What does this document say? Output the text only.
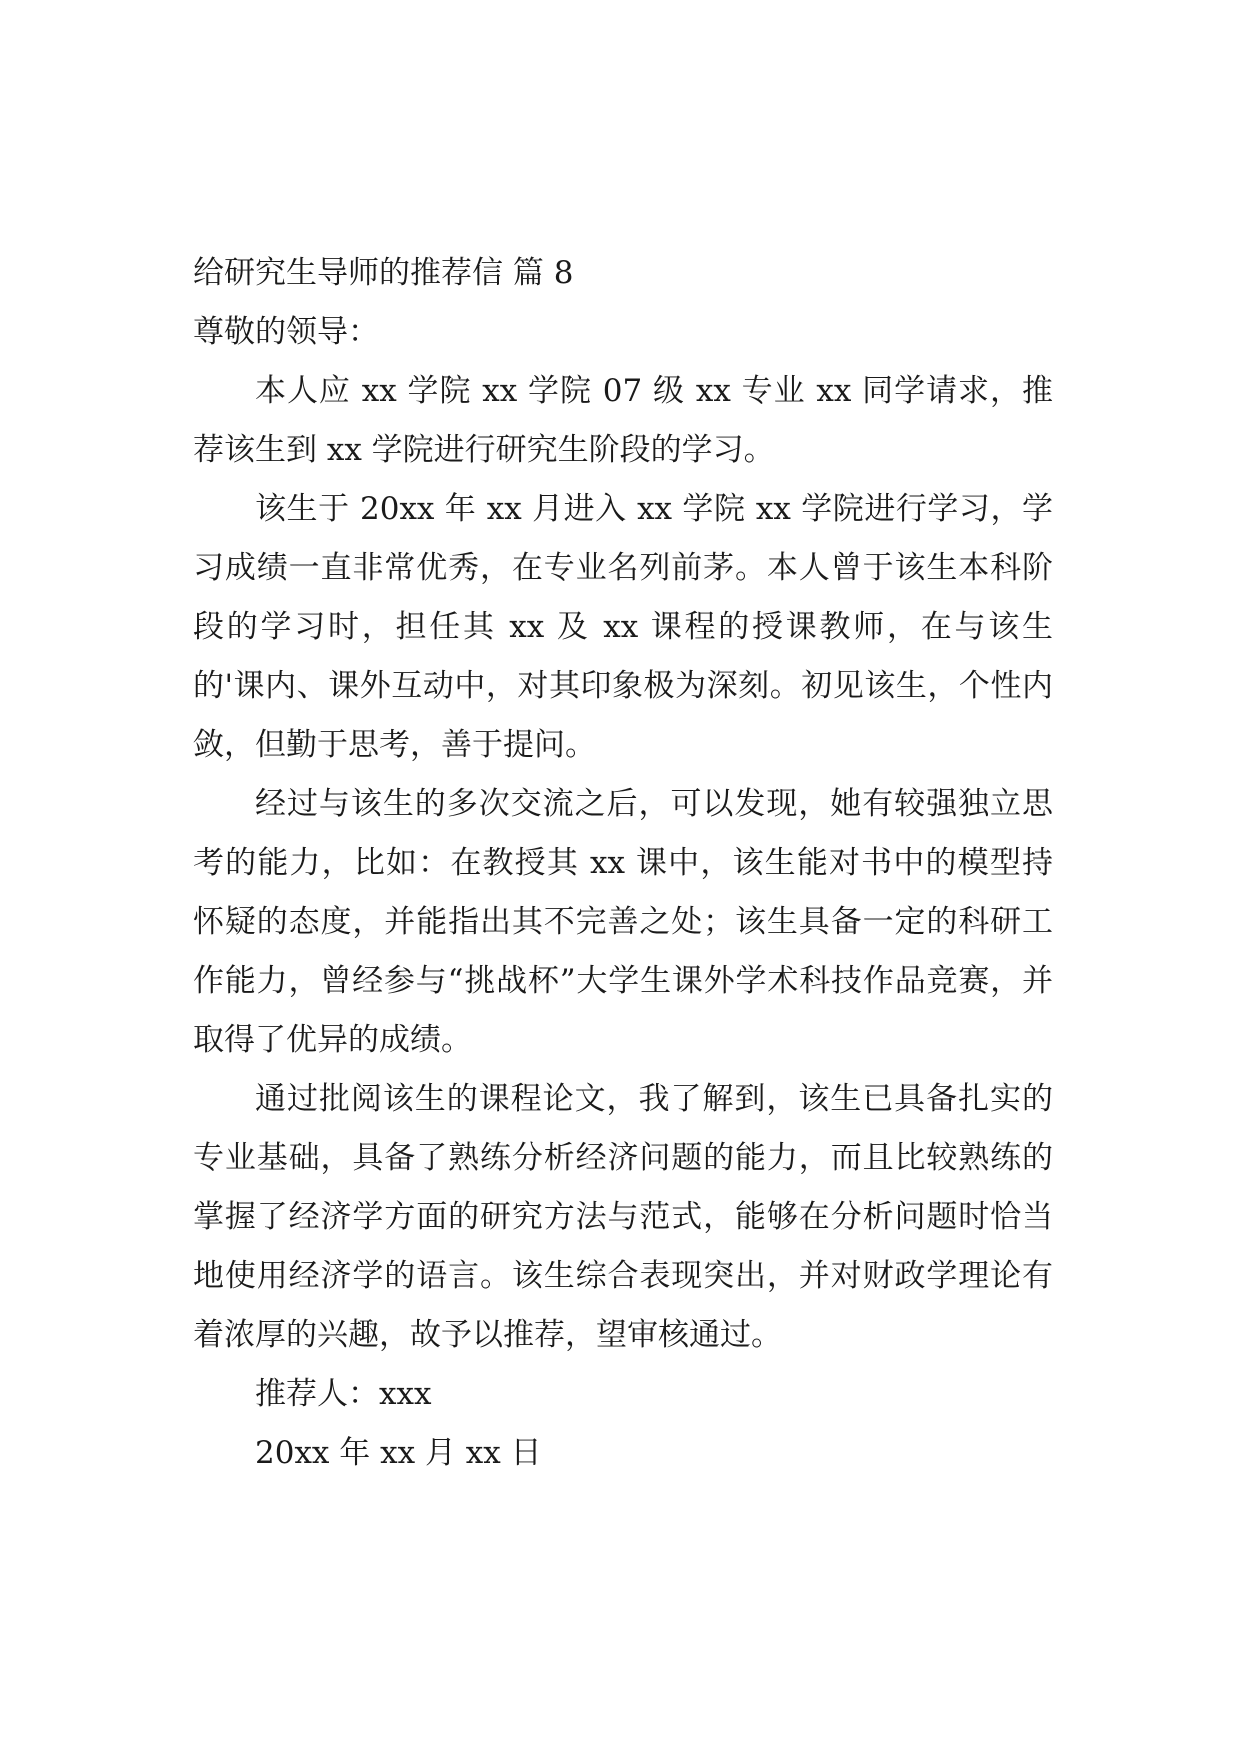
给研究生导师的推荐信 篇 8
尊敬的领导：

本人应 xx 学院 xx 学院 07 级 xx 专业 xx 同学请求，推荐该生到 xx 学院进行研究生阶段的学习。

该生于 20xx 年 xx 月进入 xx 学院 xx 学院进行学习，学习成绩一直非常优秀，在专业名列前茅。本人曾于该生本科阶段的学习时，担任其 xx 及 xx 课程的授课教师，在与该生的'课内、课外互动中，对其印象极为深刻。初见该生，个性内敛，但勤于思考，善于提问。

经过与该生的多次交流之后，可以发现，她有较强独立思考的能力，比如：在教授其 xx 课中，该生能对书中的模型持怀疑的态度，并能指出其不完善之处；该生具备一定的科研工作能力，曾经参与“挑战杯”大学生课外学术科技作品竞赛，并取得了优异的成绩。

通过批阅该生的课程论文，我了解到，该生已具备扎实的专业基础，具备了熟练分析经济问题的能力，而且比较熟练的掌握了经济学方面的研究方法与范式，能够在分析问题时恰当地使用经济学的语言。该生综合表现突出，并对财政学理论有着浓厚的兴趣，故予以推荐，望审核通过。

推荐人：xxx
20xx 年 xx 月 xx 日
